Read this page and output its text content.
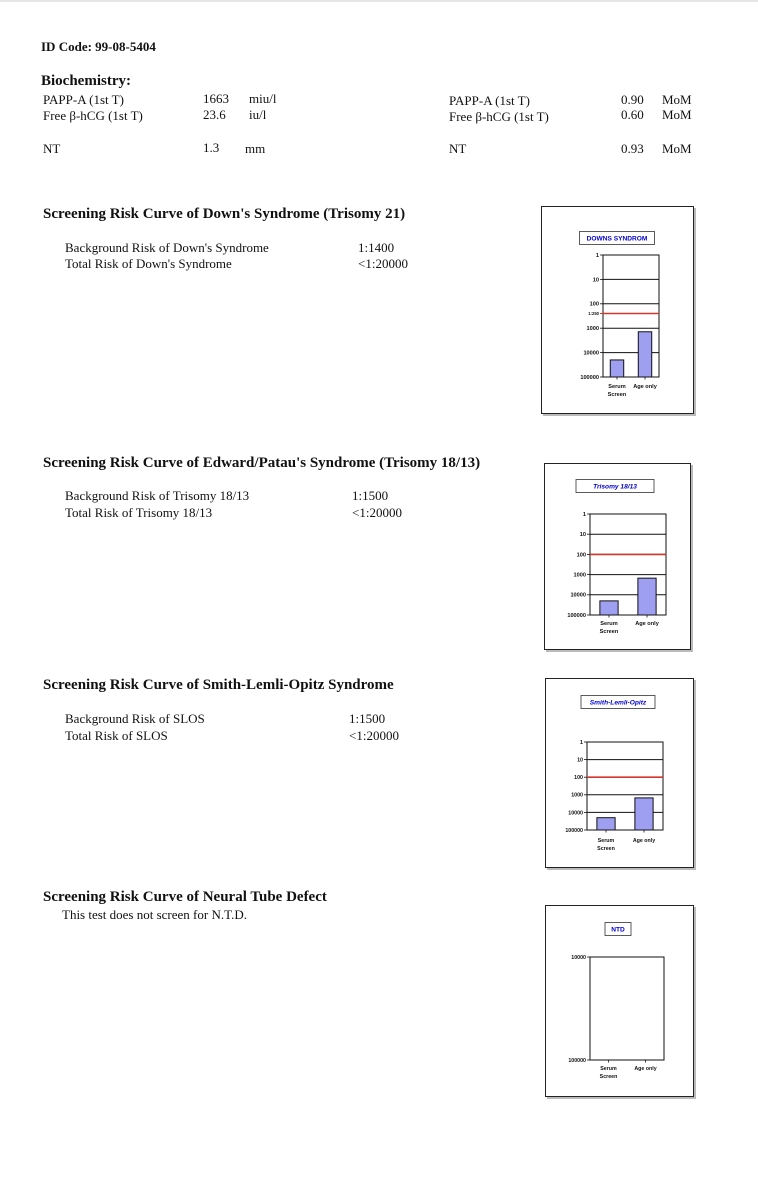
ID Code: 99-08-5404
Biochemistry:
PAPP-A (1st T)	1663 miu/l	PAPP-A (1st T)	0.90 MoM
Free β-hCG (1st T)	23.6 iu/l	Free β-hCG (1st T)	0.60 MoM
NT	1.3 mm	NT	0.93 MoM
Screening Risk Curve of Down's Syndrome (Trisomy 21)
Background Risk of Down's Syndrome	1:1400
Total Risk of Down's Syndrome	<1:20000
DOWNS SYNDROM
1
10
100
1000
10000
100000
1:250
Serum
Screen
Age only
Screening Risk Curve of Edward/Patau's Syndrome (Trisomy 18/13)
Background Risk of Trisomy 18/13	1:1500
Total Risk of Trisomy 18/13	<1:20000
Trisomy 18/13
1
10
100
1000
10000
100000
Serum
Screen
Age only
Screening Risk Curve of Smith-Lemli-Opitz Syndrome
Background Risk of SLOS	1:1500
Total Risk of SLOS	<1:20000
Smith-Lemli-Opitz
1
10
100
1000
10000
100000
Serum
Screen
Age only
Screening Risk Curve of Neural Tube Defect
This test does not screen for N.T.D.
NTD
10000
100000
Serum
Screen
Age only
